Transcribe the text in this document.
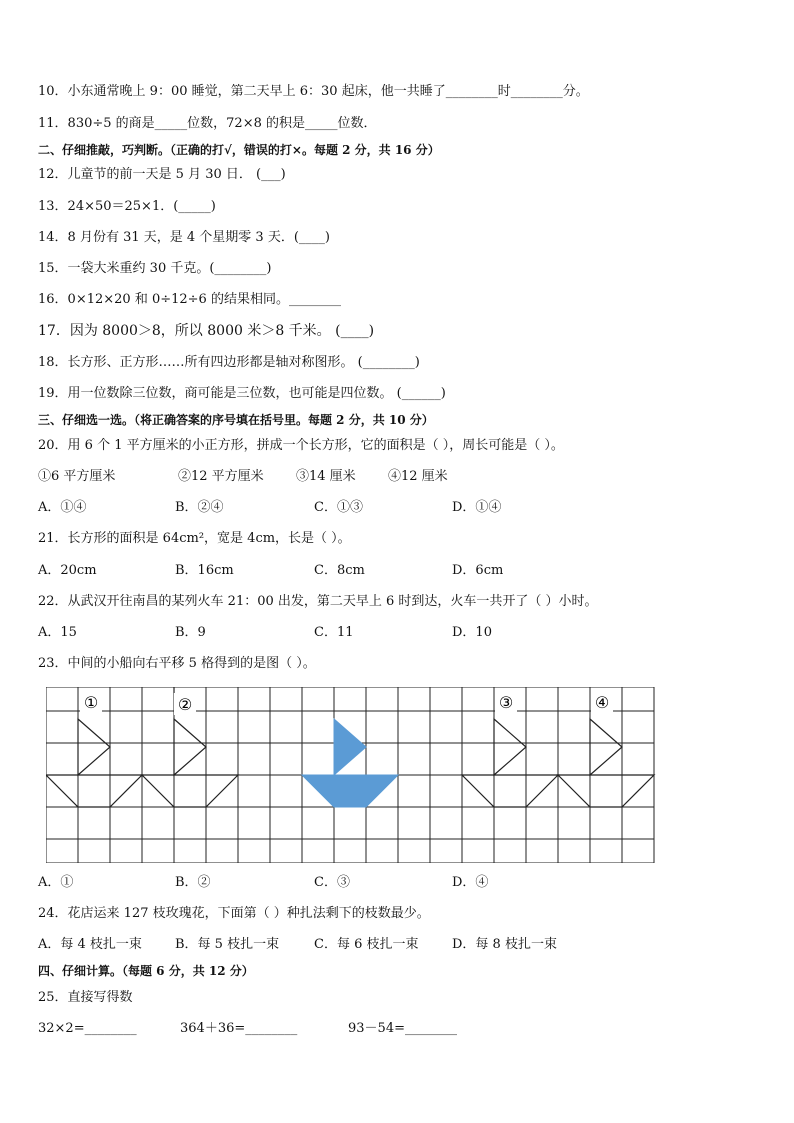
10．小东通常晚上 9：00 睡觉，第二天早上 6：30 起床，他一共睡了________时________分。
11．830÷5 的商是_____位数，72×8 的积是_____位数．
二、仔细推敲，巧判断。（正确的打√，错误的打×。每题 2 分，共 16 分）
12．儿童节的前一天是 5 月 30 日． (___)
13．24×50＝25×1．(_____)
14．8 月份有 31 天，是 4 个星期零 3 天．(____)
15．一袋大米重约 30 千克。(________)
16．0×12×20 和 0÷12÷6 的结果相同。________
17．因为 8000＞8，所以 8000 米＞8 千米。 (____)
18．长方形、正方形……所有四边形都是轴对称图形。 (________)
19．用一位数除三位数，商可能是三位数，也可能是四位数。 (______)
三、仔细选一选。（将正确答案的序号填在括号里。每题 2 分，共 10 分）
20．用 6 个 1 平方厘米的小正方形，拼成一个长方形，它的面积是（ ），周长可能是（ ）。
①6 平方厘米	②12 平方厘米 ③14 厘米 ④12 厘米
A．①④	B．②④	C．①③	D．①④
21．长方形的面积是 64cm²，宽是 4cm，长是（ ）。
A．20cm	B．16cm	C．8cm	D．6cm
22．从武汉开往南昌的某列火车 21：00 出发，第二天早上 6 时到达，火车一共开了（ ）小时。
A．15	B．9	C．11	D．10
23．中间的小船向右平移 5 格得到的是图（ ）。
①	②	③	④
A．①	B．②	C．③	D．④
24．花店运来 127 枝玫瑰花，下面第（ ）种扎法剩下的枝数最少。
A．每 4 枝扎一束	B．每 5 枝扎一束	C．每 6 枝扎一束	D．每 8 枝扎一束
四、仔细计算。（每题 6 分，共 12 分）
25．直接写得数
32×2=________	364＋36=________	93－54=________
